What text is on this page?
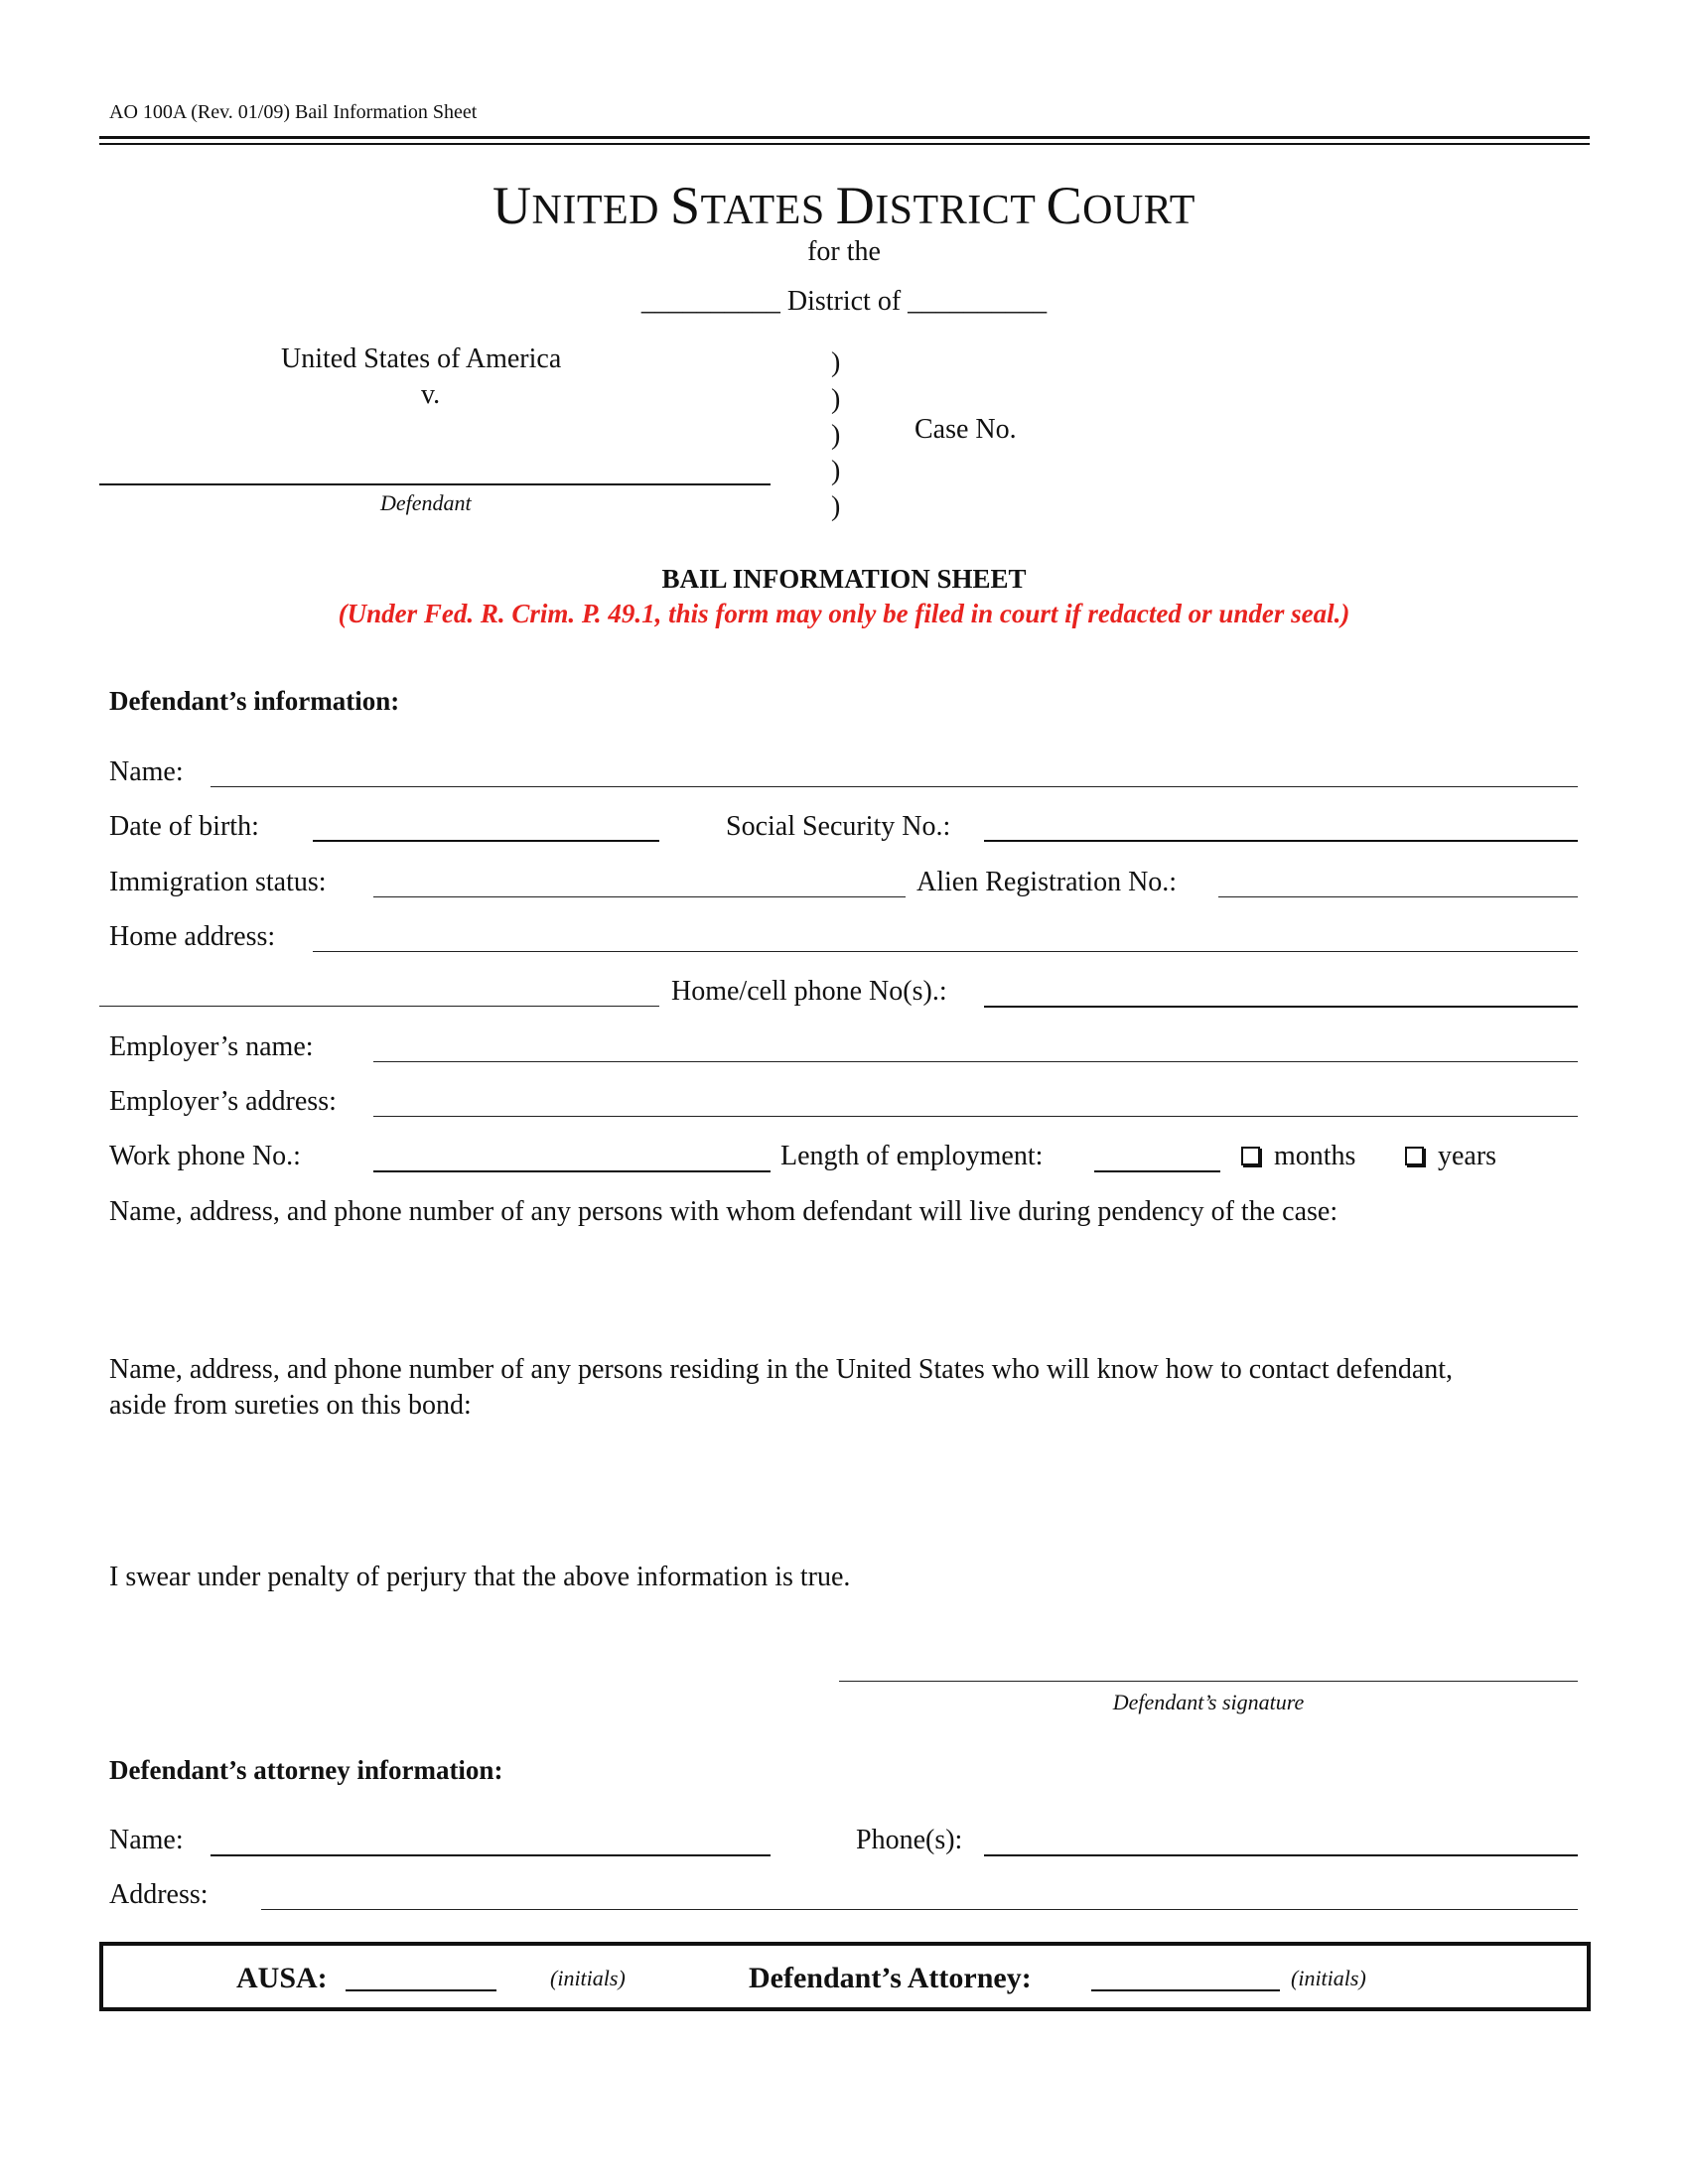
AO 100A (Rev. 01/09) Bail Information Sheet
UNITED STATES DISTRICT COURT
for the
__________ District of __________
United States of America
v.
Defendant
)
)
)
)
)
Case No.
BAIL INFORMATION SHEET
(Under Fed. R. Crim. P. 49.1, this form may only be filed in court if redacted or under seal.)
Defendant’s information:
Name:
Date of birth:	Social Security No.:
Immigration status:	Alien Registration No.:
Home address:
Home/cell phone No(s).:
Employer’s name:
Employer’s address:
Work phone No.:	Length of employment:	months	years
Name, address, and phone number of any persons with whom defendant will live during pendency of the case:
Name, address, and phone number of any persons residing in the United States who will know how to contact defendant,
aside from sureties on this bond:
I swear under penalty of perjury that the above information is true.
Defendant’s signature
Defendant’s attorney information:
Name:	Phone(s):
Address:
AUSA:	(initials)	Defendant’s Attorney:	(initials)
